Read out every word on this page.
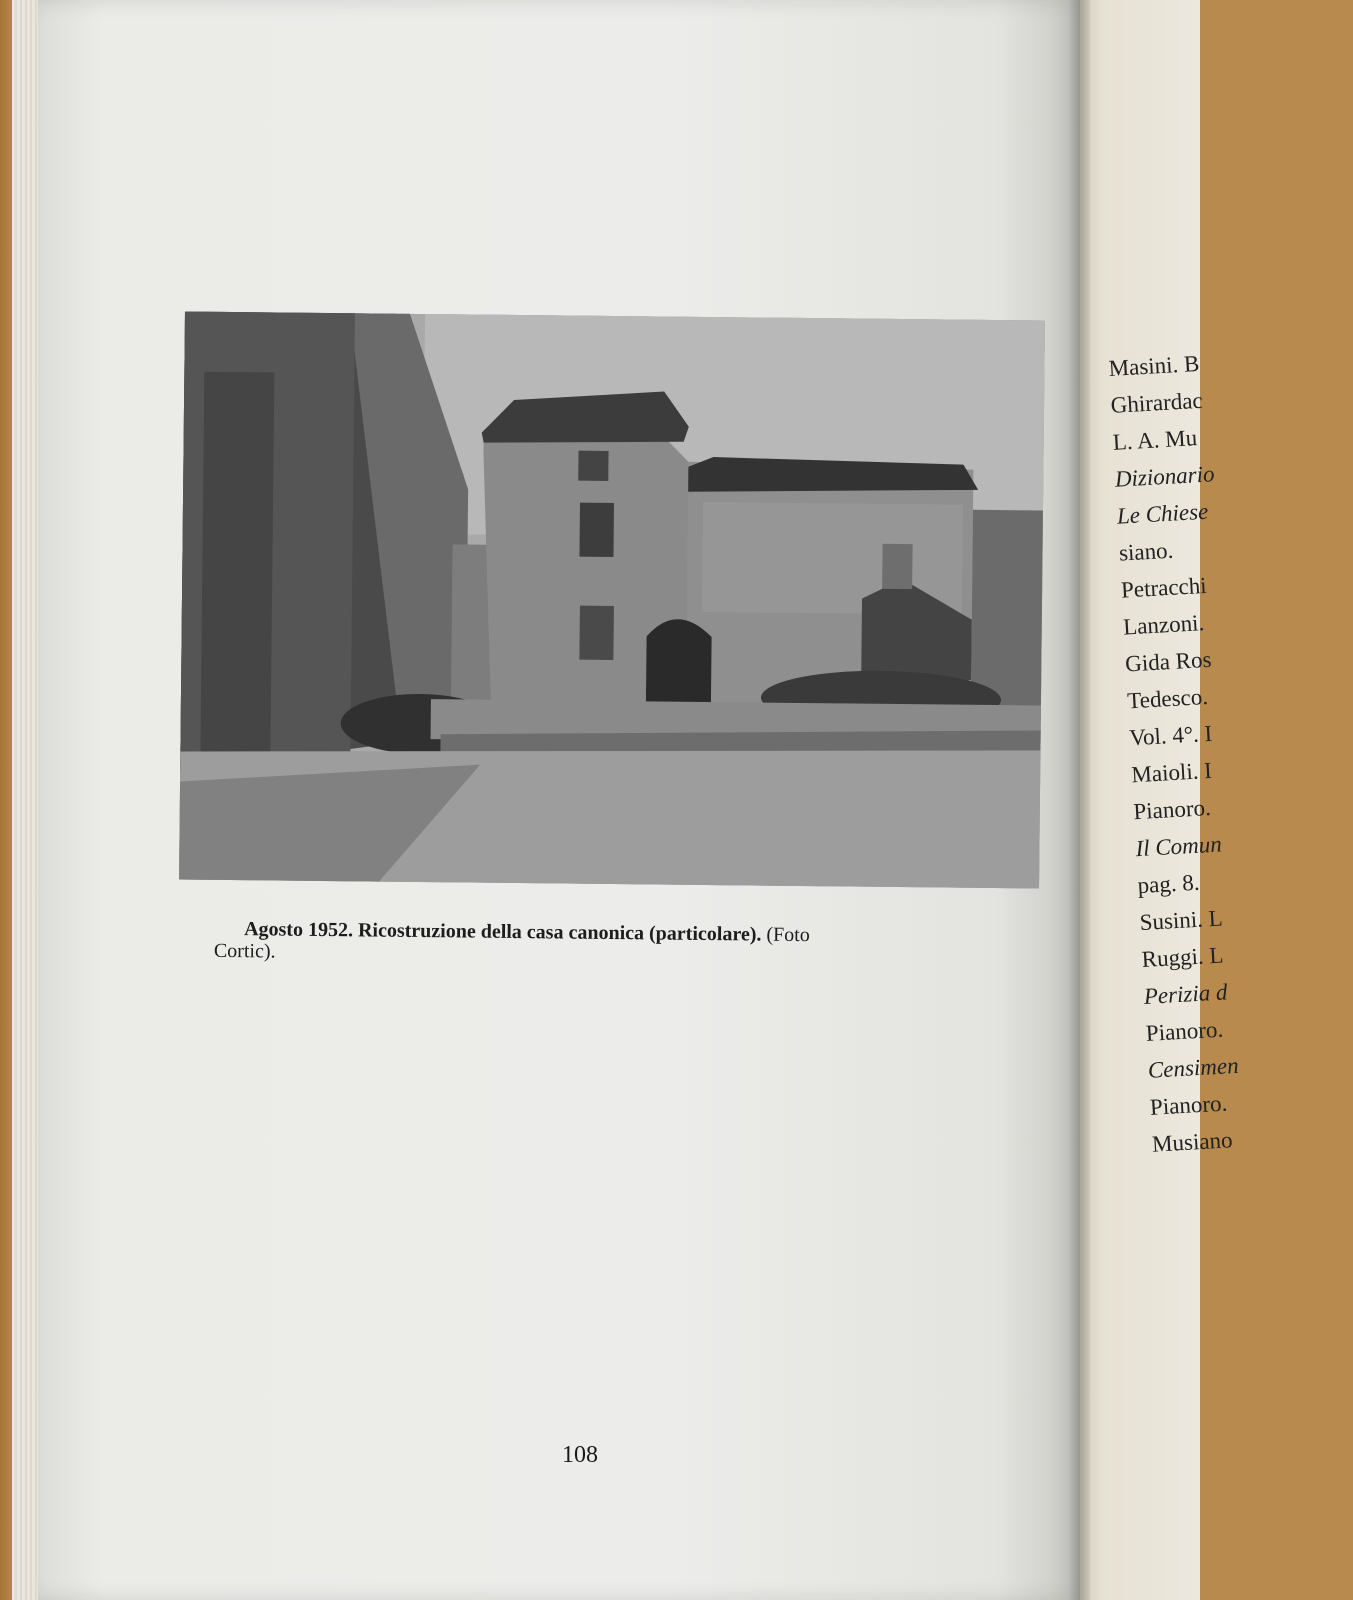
Agosto 1952. Ricostruzione della casa canonica (particolare). (Foto
Cortic).
108
Masini. B
Ghirardac
L. A. Mu
Dizionario
Le Chiese
siano.
Petracchi
Lanzoni.
Gida Ros
Tedesco.
Vol. 4°. I
Maioli. I
Pianoro.
Il Comun
pag. 8.
Susini. L
Ruggi. L
Perizia d
Pianoro.
Censimen
Pianoro.
Musiano
